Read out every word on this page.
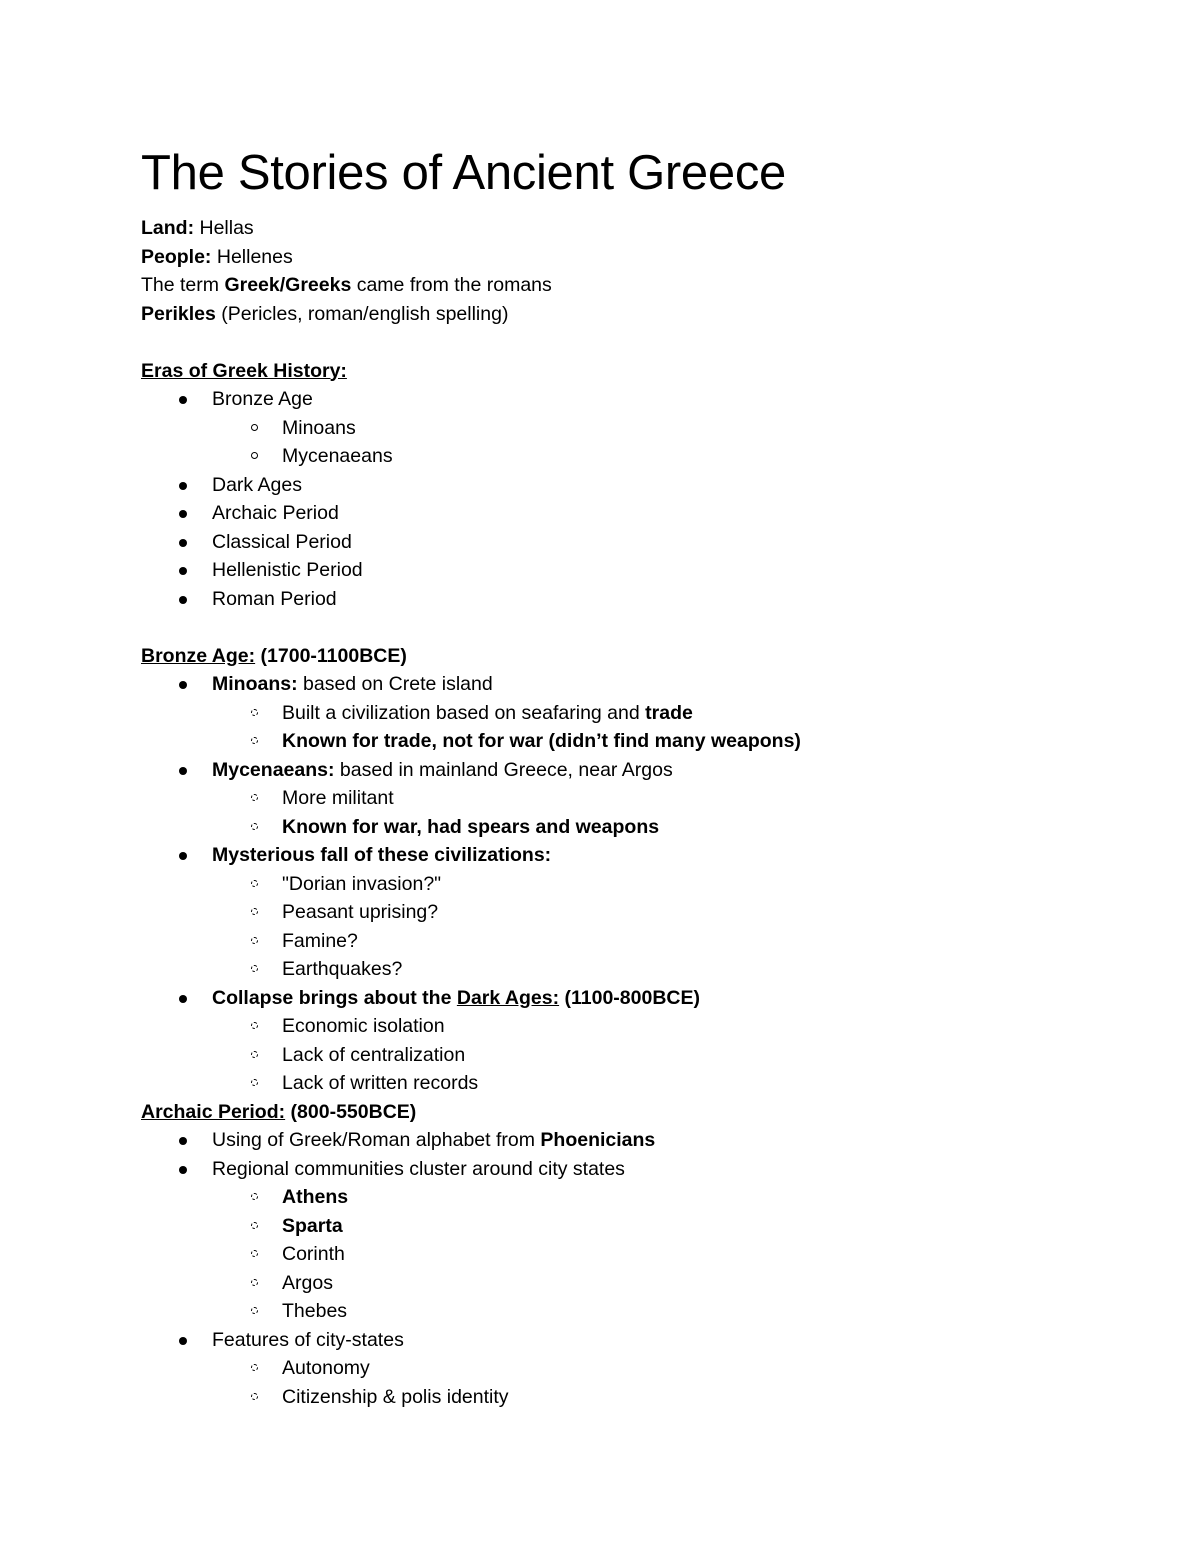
The Stories of Ancient Greece
Land: Hellas
People: Hellenes
The term Greek/Greeks came from the romans
Perikles (Pericles, roman/english spelling)
Eras of Greek History:
Bronze Age
Minoans
Mycenaeans
Dark Ages
Archaic Period
Classical Period
Hellenistic Period
Roman Period
Bronze Age: (1700-1100BCE)
Minoans: based on Crete island
Built a civilization based on seafaring and trade
Known for trade, not for war (didn’t find many weapons)
Mycenaeans: based in mainland Greece, near Argos
More militant
Known for war, had spears and weapons
Mysterious fall of these civilizations:
"Dorian invasion?"
Peasant uprising?
Famine?
Earthquakes?
Collapse brings about the Dark Ages: (1100-800BCE)
Economic isolation
Lack of centralization
Lack of written records
Archaic Period: (800-550BCE)
Using of Greek/Roman alphabet from Phoenicians
Regional communities cluster around city states
Athens
Sparta
Corinth
Argos
Thebes
Features of city-states
Autonomy
Citizenship & polis identity
